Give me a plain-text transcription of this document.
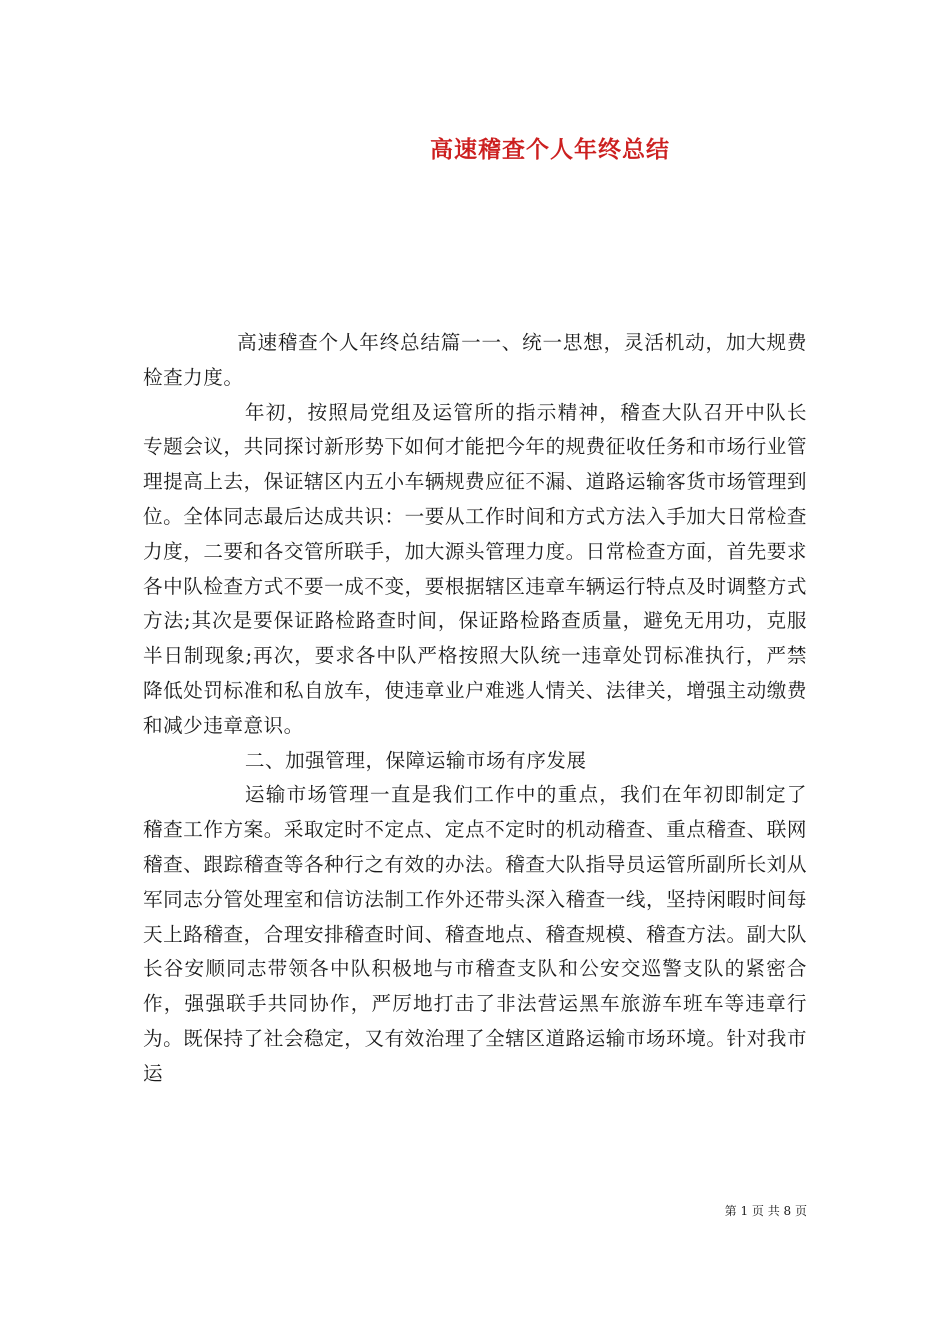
高速稽查个人年终总结

高速稽查个人年终总结篇一一、统一思想，灵活机动，加大规费检查力度。

年初，按照局党组及运管所的指示精神，稽查大队召开中队长专题会议，共同探讨新形势下如何才能把今年的规费征收任务和市场行业管理提高上去，保证辖区内五小车辆规费应征不漏、道路运输客货市场管理到位。全体同志最后达成共识：一要从工作时间和方式方法入手加大日常检查力度，二要和各交管所联手，加大源头管理力度。日常检查方面，首先要求各中队检查方式不要一成不变，要根据辖区违章车辆运行特点及时调整方式方法;其次是要保证路检路查时间，保证路检路查质量，避免无用功，克服半日制现象;再次，要求各中队严格按照大队统一违章处罚标准执行，严禁降低处罚标准和私自放车，使违章业户难逃人情关、法律关，增强主动缴费和减少违章意识。

二、加强管理，保障运输市场有序发展

运输市场管理一直是我们工作中的重点，我们在年初即制定了稽查工作方案。采取定时不定点、定点不定时的机动稽查、重点稽查、联网稽查、跟踪稽查等各种行之有效的办法。稽查大队指导员运管所副所长刘从军同志分管处理室和信访法制工作外还带头深入稽查一线，坚持闲暇时间每天上路稽查，合理安排稽查时间、稽查地点、稽查规模、稽查方法。副大队长谷安顺同志带领各中队积极地与市稽查支队和公安交巡警支队的紧密合作，强强联手共同协作，严厉地打击了非法营运黑车旅游车班车等违章行为。既保持了社会稳定，又有效治理了全辖区道路运输市场环境。针对我市运

第 1 页 共 8 页
